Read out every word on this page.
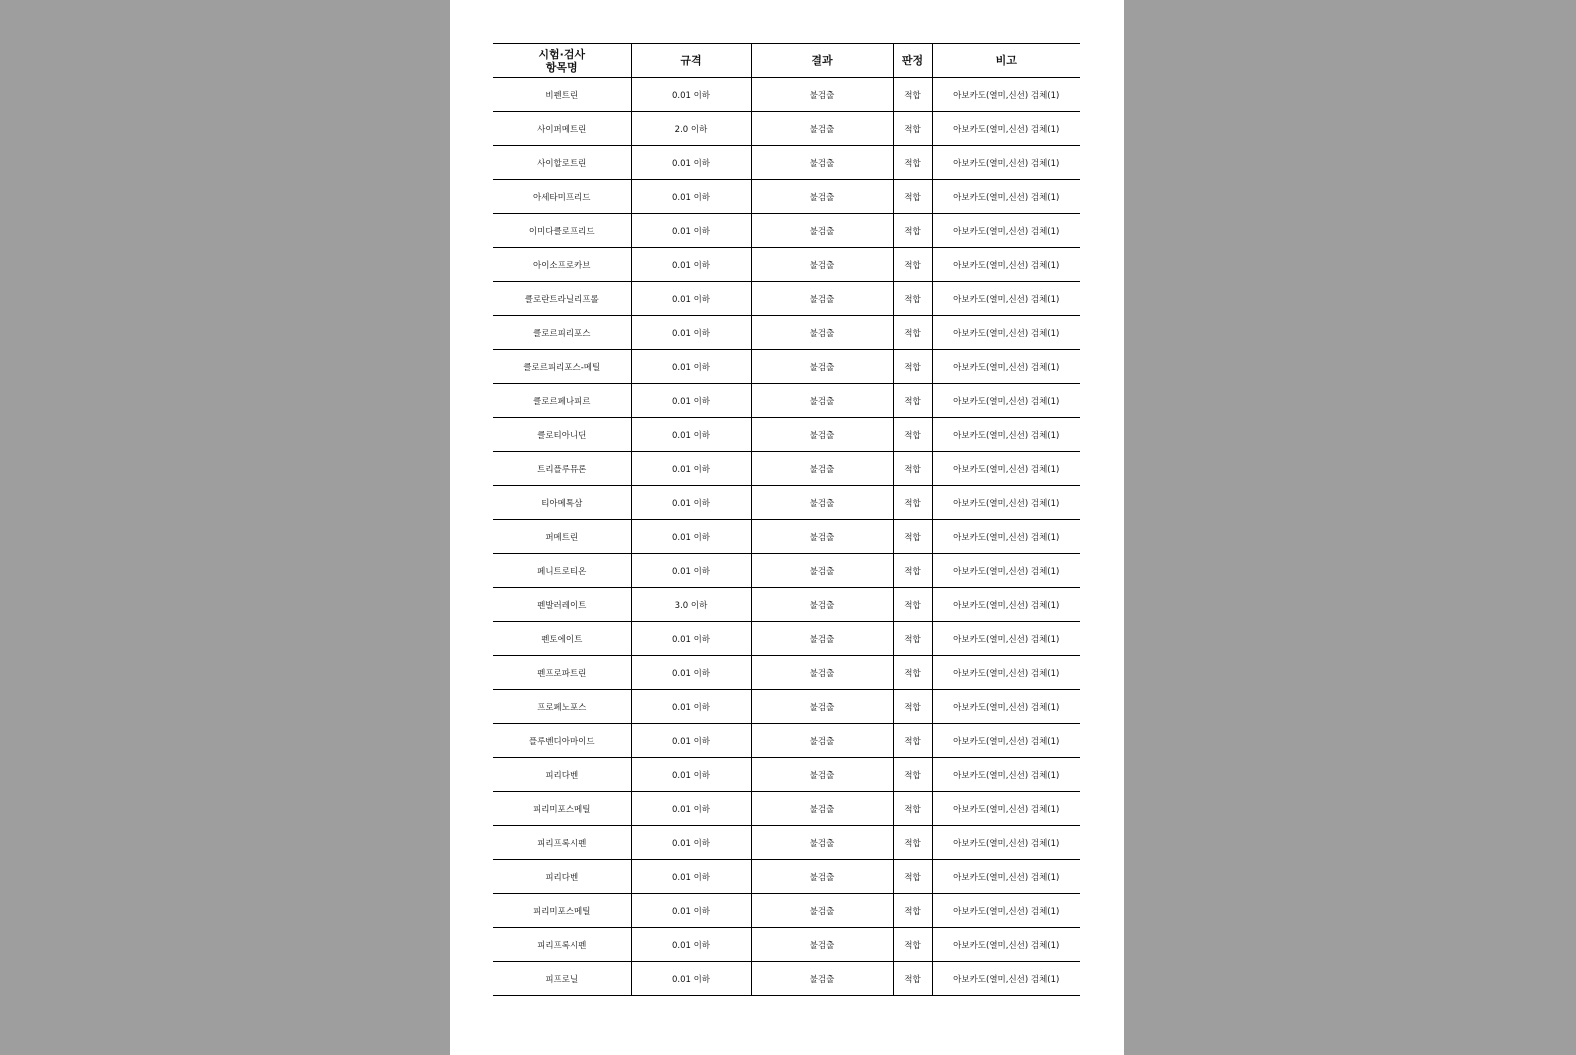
시험·검사
항목명	규격	결과	판정	비고
비펜트린	0.01 이하	불검출	적합	아보카도(열미,신선) 검체(1)
사이퍼메트린	2.0 이하	불검출	적합	아보카도(열미,신선) 검체(1)
사이할로트린	0.01 이하	불검출	적합	아보카도(열미,신선) 검체(1)
아세타미프리드	0.01 이하	불검출	적합	아보카도(열미,신선) 검체(1)
이미다클로프리드	0.01 이하	불검출	적합	아보카도(열미,신선) 검체(1)
아이소프로카브	0.01 이하	불검출	적합	아보카도(열미,신선) 검체(1)
클로란트라닐리프롤	0.01 이하	불검출	적합	아보카도(열미,신선) 검체(1)
클로르피리포스	0.01 이하	불검출	적합	아보카도(열미,신선) 검체(1)
클로르피리포스-메틸	0.01 이하	불검출	적합	아보카도(열미,신선) 검체(1)
클로르페나피르	0.01 이하	불검출	적합	아보카도(열미,신선) 검체(1)
클로티아니딘	0.01 이하	불검출	적합	아보카도(열미,신선) 검체(1)
트리플루뮤론	0.01 이하	불검출	적합	아보카도(열미,신선) 검체(1)
티아메톡삼	0.01 이하	불검출	적합	아보카도(열미,신선) 검체(1)
퍼메트린	0.01 이하	불검출	적합	아보카도(열미,신선) 검체(1)
페니트로티온	0.01 이하	불검출	적합	아보카도(열미,신선) 검체(1)
펜발러레이트	3.0 이하	불검출	적합	아보카도(열미,신선) 검체(1)
펜토에이트	0.01 이하	불검출	적합	아보카도(열미,신선) 검체(1)
펜프로파트린	0.01 이하	불검출	적합	아보카도(열미,신선) 검체(1)
프로페노포스	0.01 이하	불검출	적합	아보카도(열미,신선) 검체(1)
플루벤디아마이드	0.01 이하	불검출	적합	아보카도(열미,신선) 검체(1)
피리다벤	0.01 이하	불검출	적합	아보카도(열미,신선) 검체(1)
피리미포스메틸	0.01 이하	불검출	적합	아보카도(열미,신선) 검체(1)
피리프록시펜	0.01 이하	불검출	적합	아보카도(열미,신선) 검체(1)
피리다벤	0.01 이하	불검출	적합	아보카도(열미,신선) 검체(1)
피리미포스메틸	0.01 이하	불검출	적합	아보카도(열미,신선) 검체(1)
피리프록시펜	0.01 이하	불검출	적합	아보카도(열미,신선) 검체(1)
피프로닐	0.01 이하	불검출	적합	아보카도(열미,신선) 검체(1)
